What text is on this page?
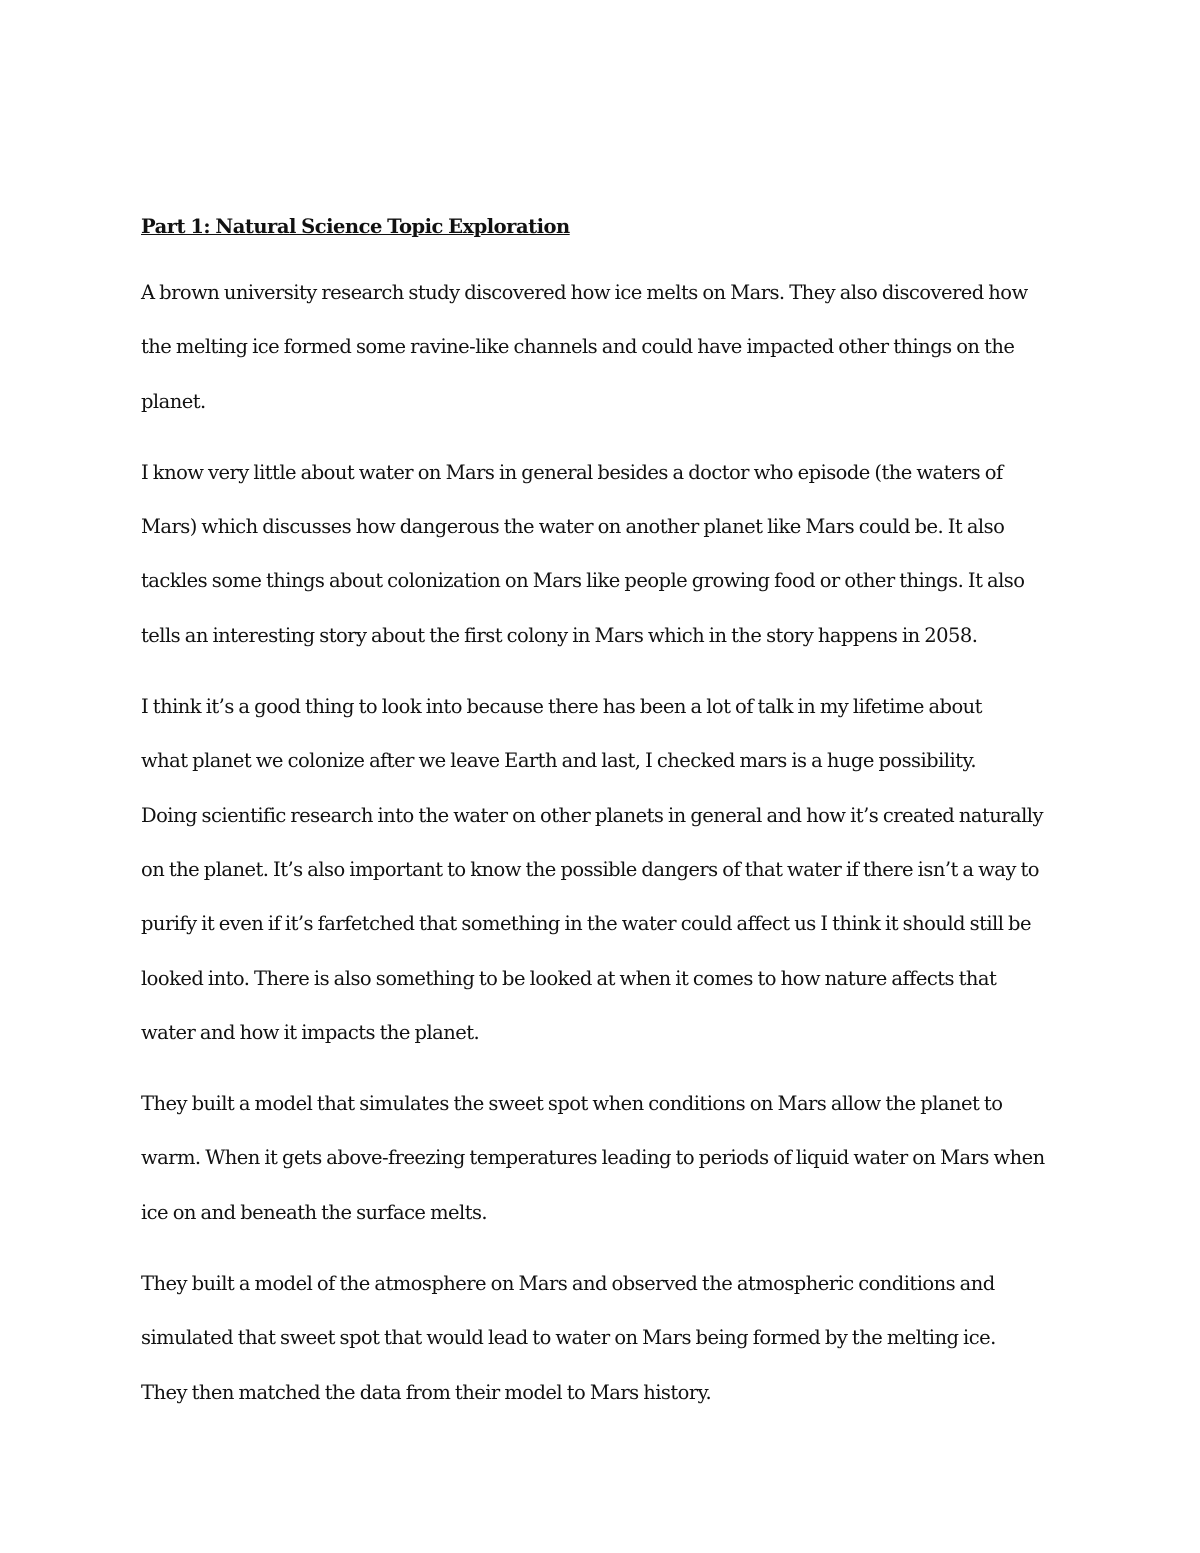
Part 1: Natural Science Topic Exploration
A brown university research study discovered how ice melts on Mars. They also discovered how
the melting ice formed some ravine-like channels and could have impacted other things on the
planet.
I know very little about water on Mars in general besides a doctor who episode (the waters of
Mars) which discusses how dangerous the water on another planet like Mars could be. It also
tackles some things about colonization on Mars like people growing food or other things. It also
tells an interesting story about the first colony in Mars which in the story happens in 2058.
I think it’s a good thing to look into because there has been a lot of talk in my lifetime about
what planet we colonize after we leave Earth and last, I checked mars is a huge possibility.
Doing scientific research into the water on other planets in general and how it’s created naturally
on the planet. It’s also important to know the possible dangers of that water if there isn’t a way to
purify it even if it’s farfetched that something in the water could affect us I think it should still be
looked into. There is also something to be looked at when it comes to how nature affects that
water and how it impacts the planet.
They built a model that simulates the sweet spot when conditions on Mars allow the planet to
warm. When it gets above-freezing temperatures leading to periods of liquid water on Mars when
ice on and beneath the surface melts.
They built a model of the atmosphere on Mars and observed the atmospheric conditions and
simulated that sweet spot that would lead to water on Mars being formed by the melting ice.
They then matched the data from their model to Mars history.
